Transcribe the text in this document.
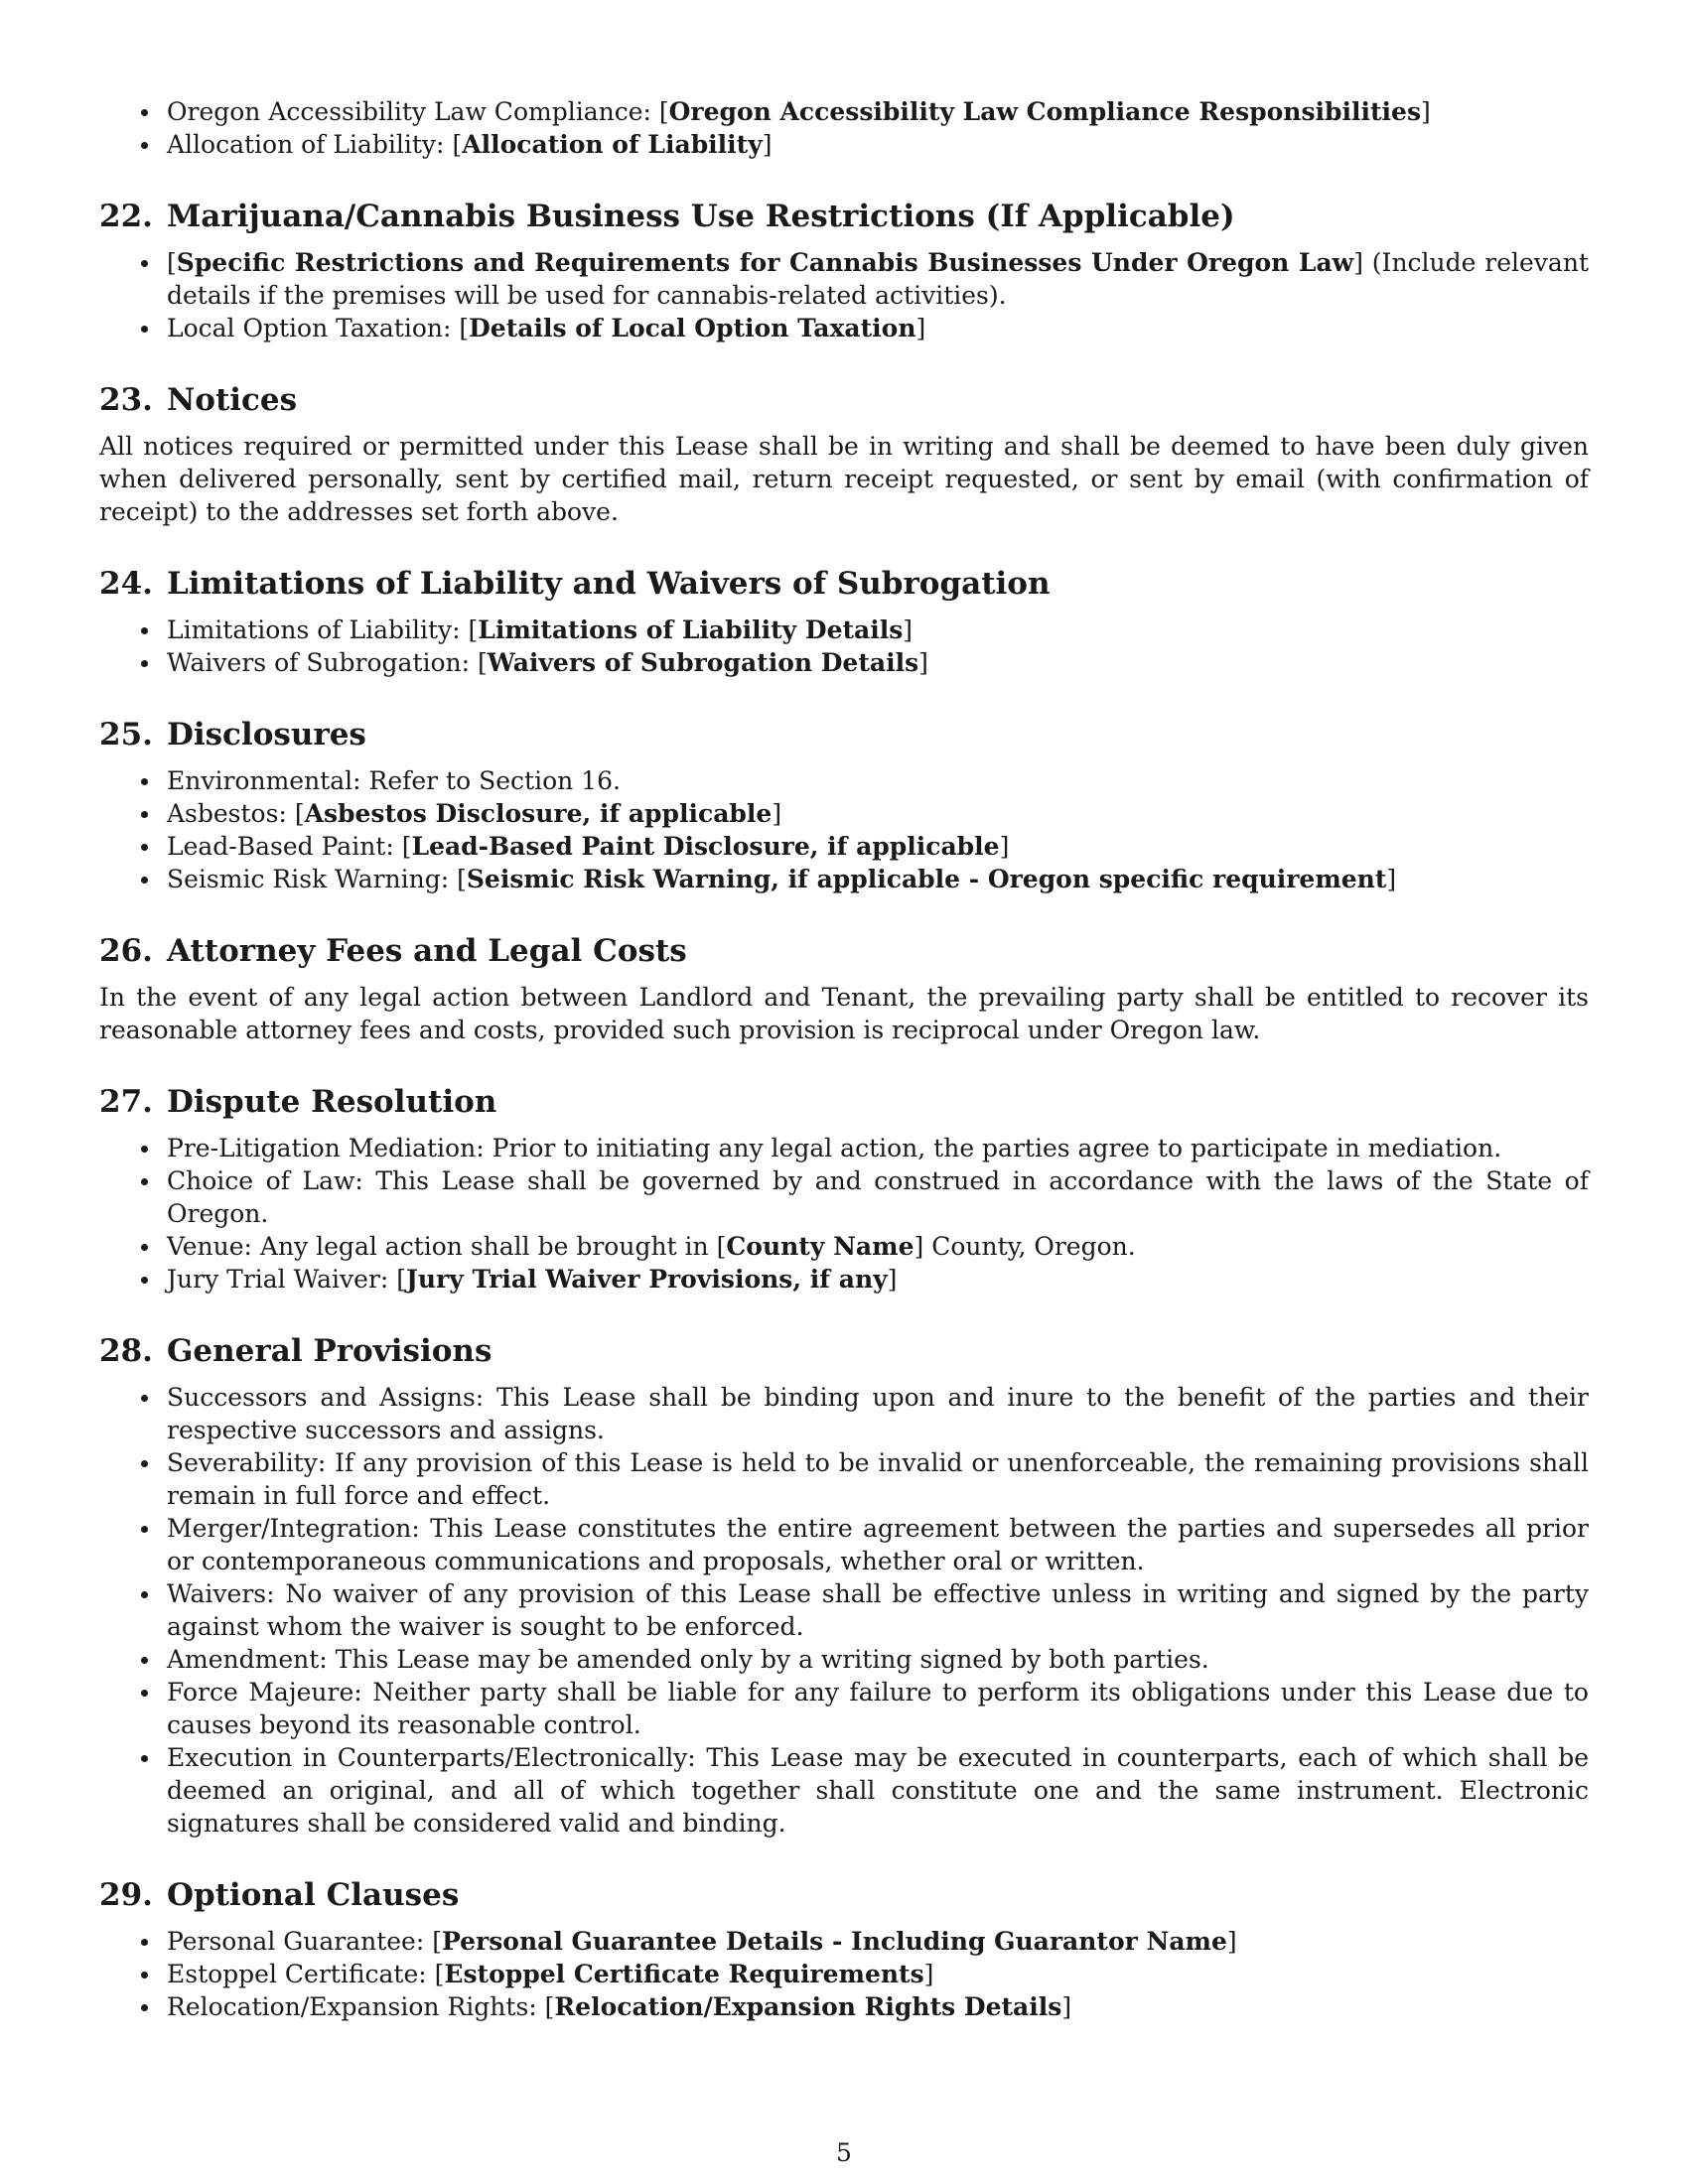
Oregon Accessibility Law Compliance: [Oregon Accessibility Law Compliance Responsibilities]
Allocation of Liability: [Allocation of Liability]
22. Marijuana/Cannabis Business Use Restrictions (If Applicable)
[Specific Restrictions and Requirements for Cannabis Businesses Under Oregon Law] (Include relevant details if the premises will be used for cannabis-related activities).
Local Option Taxation: [Details of Local Option Taxation]
23. Notices

All notices required or permitted under this Lease shall be in writing and shall be deemed to have been duly given when delivered personally, sent by certified mail, return receipt requested, or sent by email (with confirmation of receipt) to the addresses set forth above.

24. Limitations of Liability and Waivers of Subrogation
Limitations of Liability: [Limitations of Liability Details]
Waivers of Subrogation: [Waivers of Subrogation Details]
25. Disclosures
Environmental: Refer to Section 16.
Asbestos: [Asbestos Disclosure, if applicable]
Lead-Based Paint: [Lead-Based Paint Disclosure, if applicable]
Seismic Risk Warning: [Seismic Risk Warning, if applicable - Oregon specific requirement]
26. Attorney Fees and Legal Costs

In the event of any legal action between Landlord and Tenant, the prevailing party shall be entitled to recover its reasonable attorney fees and costs, provided such provision is reciprocal under Oregon law.

27. Dispute Resolution
Pre-Litigation Mediation: Prior to initiating any legal action, the parties agree to participate in mediation.
Choice of Law: This Lease shall be governed by and construed in accordance with the laws of the State of Oregon.
Venue: Any legal action shall be brought in [County Name] County, Oregon.
Jury Trial Waiver: [Jury Trial Waiver Provisions, if any]
28. General Provisions
Successors and Assigns: This Lease shall be binding upon and inure to the benefit of the parties and their respective successors and assigns.
Severability: If any provision of this Lease is held to be invalid or unenforceable, the remaining provisions shall remain in full force and effect.
Merger/Integration: This Lease constitutes the entire agreement between the parties and supersedes all prior or contemporaneous communications and proposals, whether oral or written.
Waivers: No waiver of any provision of this Lease shall be effective unless in writing and signed by the party against whom the waiver is sought to be enforced.
Amendment: This Lease may be amended only by a writing signed by both parties.
Force Majeure: Neither party shall be liable for any failure to perform its obligations under this Lease due to causes beyond its reasonable control.
Execution in Counterparts/Electronically: This Lease may be executed in counterparts, each of which shall be deemed an original, and all of which together shall constitute one and the same instrument. Electronic signatures shall be considered valid and binding.
29. Optional Clauses
Personal Guarantee: [Personal Guarantee Details - Including Guarantor Name]
Estoppel Certificate: [Estoppel Certificate Requirements]
Relocation/Expansion Rights: [Relocation/Expansion Rights Details]
5
